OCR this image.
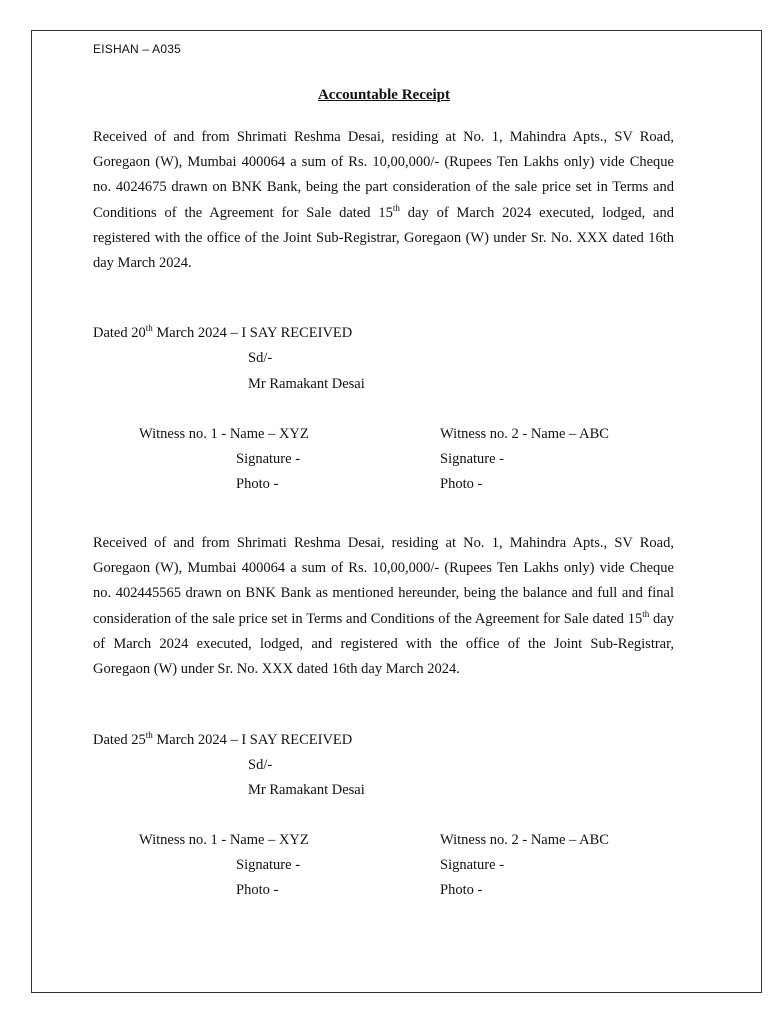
EISHAN – A035
Accountable Receipt
Received of and from Shrimati Reshma Desai, residing at No. 1, Mahindra Apts., SV Road, Goregaon (W), Mumbai 400064 a sum of Rs. 10,00,000/- (Rupees Ten Lakhs only) vide Cheque no. 4024675 drawn on BNK Bank, being the part consideration of the sale price set in Terms and Conditions of the Agreement for Sale dated 15th day of March 2024 executed, lodged, and registered with the office of the Joint Sub-Registrar, Goregaon (W) under Sr. No. XXX dated 16th day March 2024.
Dated 20th March 2024 – I SAY RECEIVED
Sd/-
Mr Ramakant Desai
Witness no. 1 - Name – XYZ
Signature -
Photo -
Witness no. 2 - Name – ABC
Signature -
Photo -
Received of and from Shrimati Reshma Desai, residing at No. 1, Mahindra Apts., SV Road, Goregaon (W), Mumbai 400064 a sum of Rs. 10,00,000/- (Rupees Ten Lakhs only) vide Cheque no. 402445565 drawn on BNK Bank as mentioned hereunder, being the balance and full and final consideration of the sale price set in Terms and Conditions of the Agreement for Sale dated 15th day of March 2024 executed, lodged, and registered with the office of the Joint Sub-Registrar, Goregaon (W) under Sr. No. XXX dated 16th day March 2024.
Dated 25th March 2024 – I SAY RECEIVED
Sd/-
Mr Ramakant Desai
Witness no. 1 - Name – XYZ
Signature -
Photo -
Witness no. 2 - Name – ABC
Signature -
Photo -
